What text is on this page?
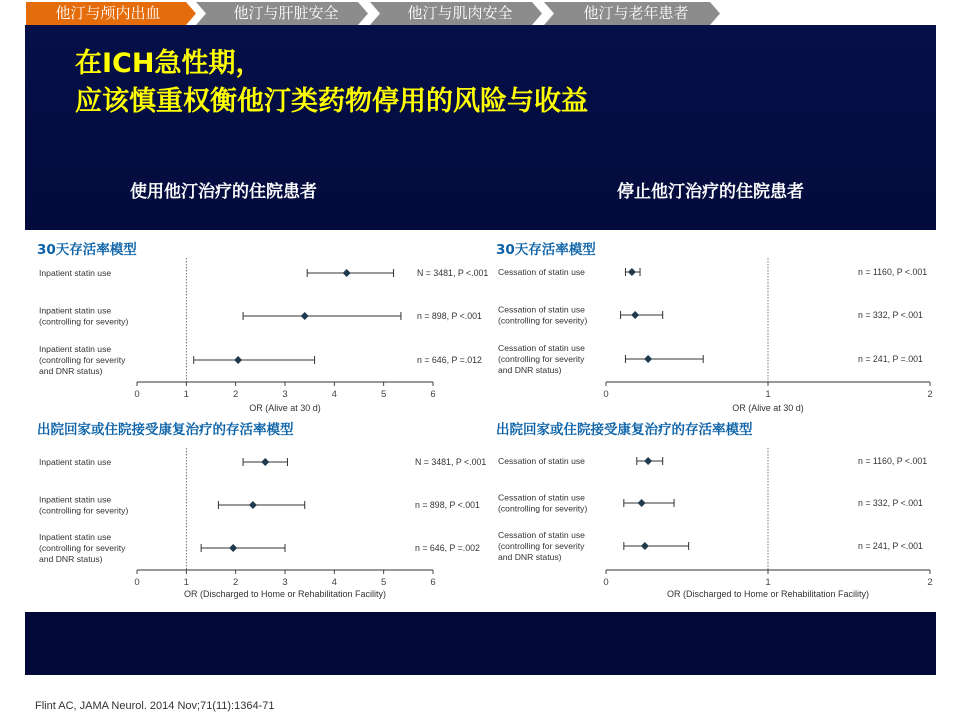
他汀与颅内出血	他汀与肝脏安全	他汀与肌肉安全	他汀与老年患者
在ICH急性期，
应该慎重权衡他汀类药物停用的风险与收益
使用他汀治疗的住院患者	停止他汀治疗的住院患者
30天存活率模型
0	1	2	3	4	5	6
OR (Alive at 30 d)
Inpatient statin use	N = 3481, P <.001
Inpatient statin use
(controlling for severity)
n = 898, P <.001
Inpatient statin use
(controlling for severity
and DNR status)
n = 646, P =.012
30天存活率模型
0	1	2
OR (Alive at 30 d)
Cessation of statin use	n = 1160, P <.001
Cessation of statin use
(controlling for severity)
n = 332, P <.001
Cessation of statin use
(controlling for severity
and DNR status)
n = 241, P =.001
出院回家或住院接受康复治疗的存活率模型
0	1	2	3	4	5	6
OR (Discharged to Home or Rehabilitation Facility)
Inpatient statin use	N = 3481, P <.001
Inpatient statin use
(controlling for severity)
n = 898, P <.001
Inpatient statin use
(controlling for severity
and DNR status)
n = 646, P =.002
出院回家或住院接受康复治疗的存活率模型
0	1	2
OR (Discharged to Home or Rehabilitation Facility)
Cessation of statin use	n = 1160, P <.001
Cessation of statin use
(controlling for severity)
n = 332, P <.001
Cessation of statin use
(controlling for severity
and DNR status)
n = 241, P <.001
Flint AC, JAMA Neurol. 2014 Nov;71(11):1364-71
